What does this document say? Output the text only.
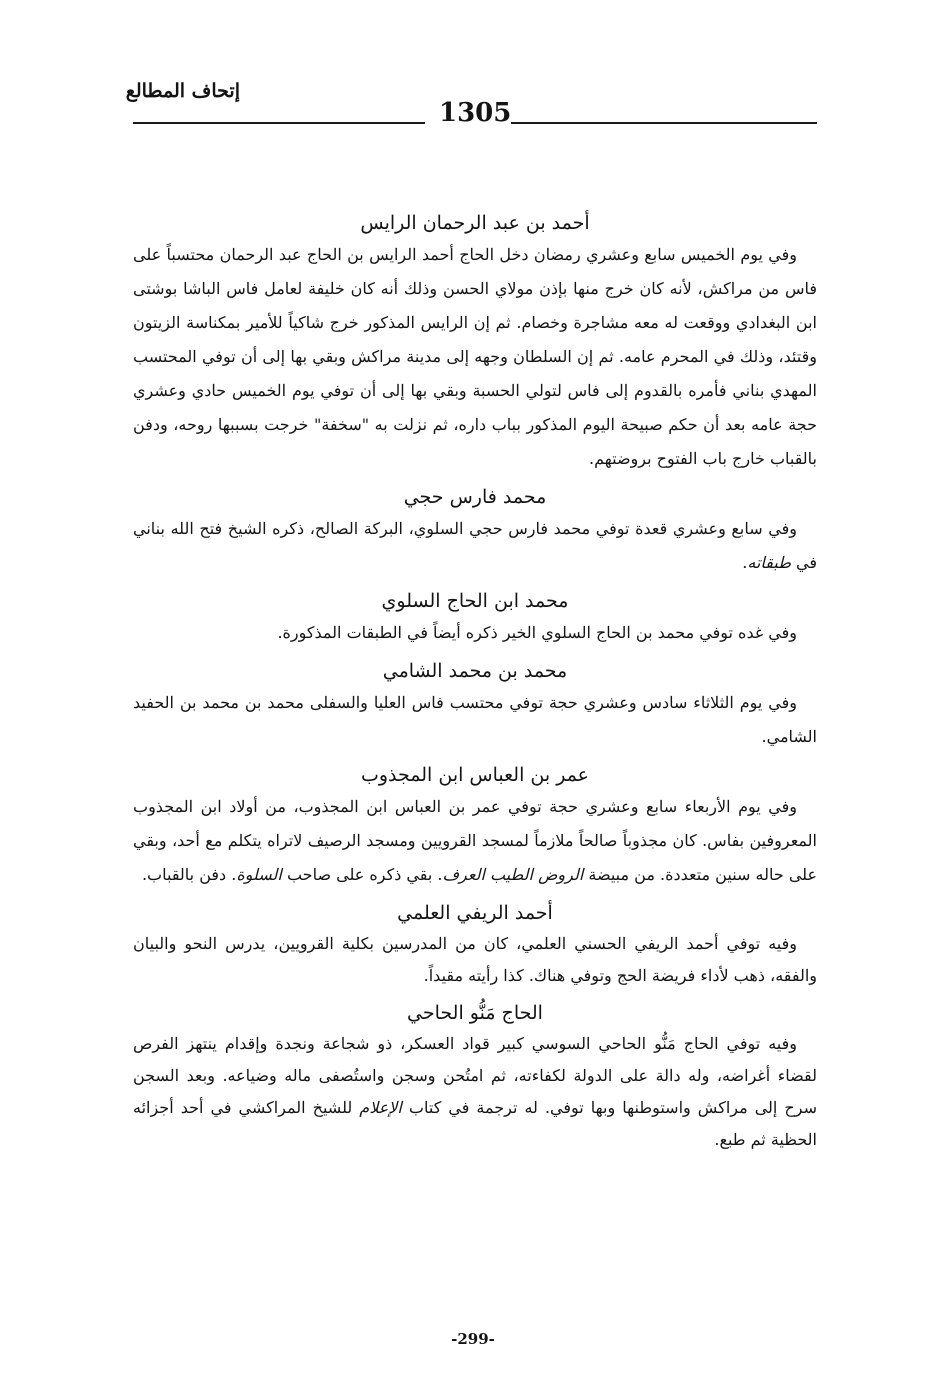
إتحاف المطالع
1305
أحمد بن عبد الرحمان الرايس

وفي يوم الخميس سابع وعشري رمضان دخل الحاج أحمد الرايس بن الحاج عبد الرحمان محتسباً على فاس من مراكش، لأنه كان خرج منها بإذن مولاي الحسن وذلك أنه كان خليفة لعامل فاس الباشا بوشتى ابن البغدادي ووقعت له معه مشاجرة وخصام. ثم إن الرايس المذكور خرج شاكياً للأمير بمكناسة الزيتون وقتئد، وذلك في المحرم عامه. ثم إن السلطان وجهه إلى مدينة مراكش وبقي بها إلى أن توفي المحتسب المهدي بناني فأمره بالقدوم إلى فاس لتولي الحسبة وبقي بها إلى أن توفي يوم الخميس حادي وعشري حجة عامه بعد أن حكم صبيحة اليوم المذكور بباب داره، ثم نزلت به "سخفة" خرجت بسببها روحه، ودفن بالقباب خارج باب الفتوح بروضتهم.

محمد فارس حجي

وفي سابع وعشري قعدة توفي محمد فارس حجي السلوي، البركة الصالح، ذكره الشيخ فتح الله بناني في طبقاته.

محمد ابن الحاج السلوي

وفي غده توفي محمد بن الحاج السلوي الخير ذكره أيضاً في الطبقات المذكورة.

محمد بن محمد الشامي

وفي يوم الثلاثاء سادس وعشري حجة توفي محتسب فاس العليا والسفلى محمد بن محمد بن الحفيد الشامي.

عمر بن العباس ابن المجذوب

وفي يوم الأربعاء سابع وعشري حجة توفي عمر بن العباس ابن المجذوب، من أولاد ابن المجذوب المعروفين بفاس. كان مجذوباً صالحاً ملازماً لمسجد القرويين ومسجد الرصيف لاتراه يتكلم مع أحد، وبقي على حاله سنين متعددة. من مبيضة الروض الطيب العرف. بقي ذكره على صاحب السلوة. دفن بالقباب.

أحمد الريفي العلمي

وفيه توفي أحمد الريفي الحسني العلمي، كان من المدرسين بكلية القرويين، يدرس النحو والبيان والفقه، ذهب لأداء فريضة الحج وتوفي هناك. كذا رأيته مقيداً.

الحاج مَنُّو الحاحي

وفيه توفي الحاج مَنُّو الحاحي السوسي كبير قواد العسكر، ذو شجاعة ونجدة وإقدام ينتهز الفرص لقضاء أغراضه، وله دالة على الدولة لكفاءته، ثم امتُحن وسجن واستُصفى ماله وضياعه. وبعد السجن سرح إلى مراكش واستوطنها وبها توفي. له ترجمة في كتاب الإعلام للشيخ المراكشي في أحد أجزائه الحظية ثم طبع.

-299-
